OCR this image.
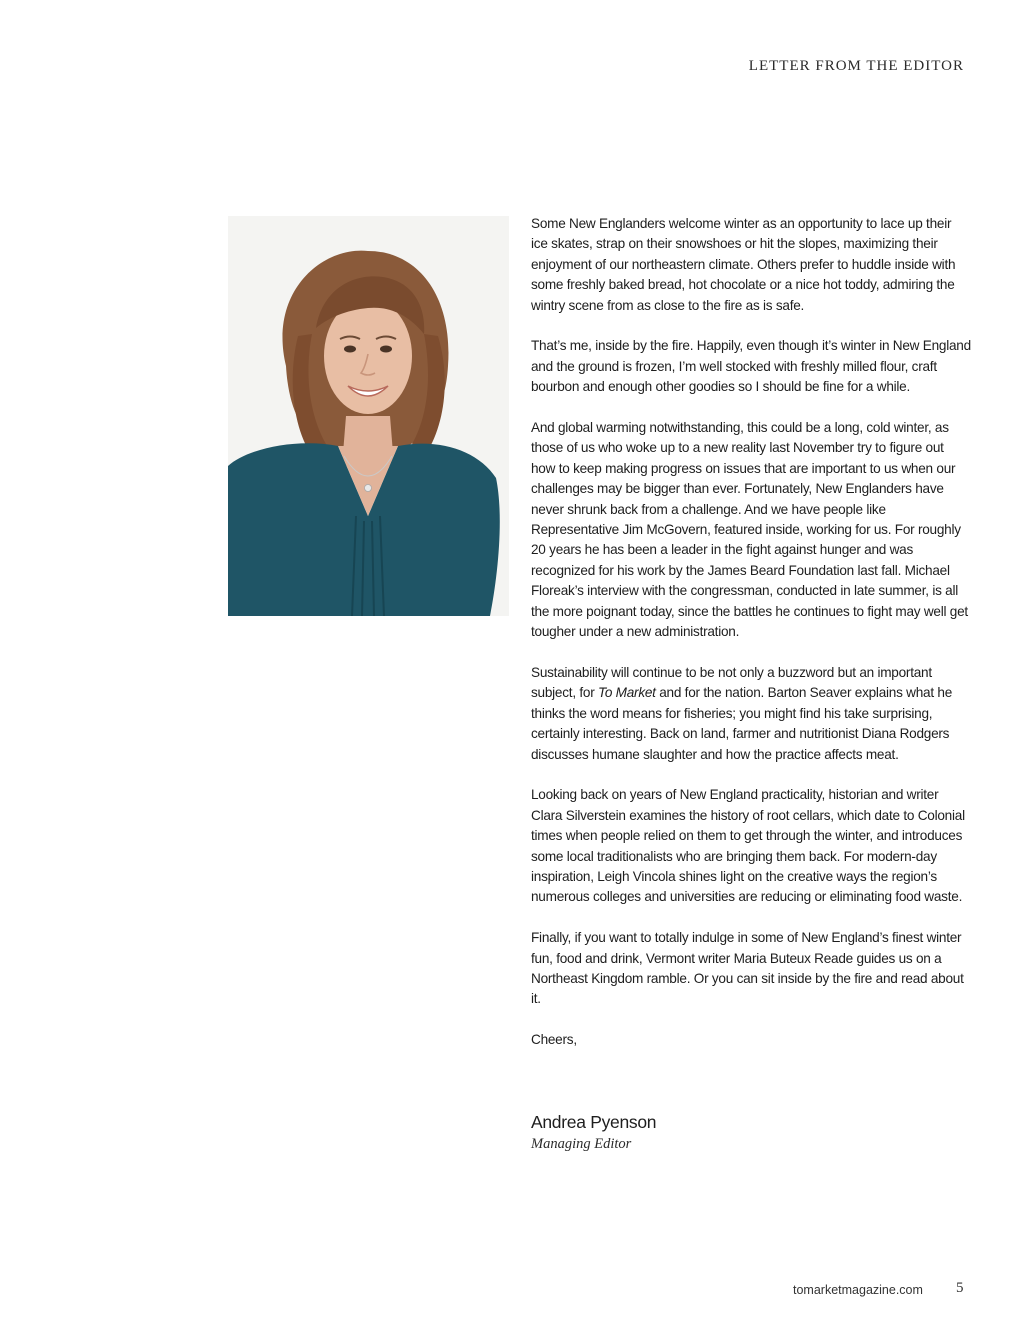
LETTER FROM THE EDITOR

Some New Englanders welcome winter as an opportunity to lace up their ice skates, strap on their snowshoes or hit the slopes, maximizing their enjoyment of our northeastern climate. Others prefer to huddle inside with some freshly baked bread, hot chocolate or a nice hot toddy, admiring the wintry scene from as close to the fire as is safe.

That’s me, inside by the fire. Happily, even though it’s winter in New England and the ground is frozen, I’m well stocked with freshly milled flour, craft bourbon and enough other goodies so I should be fine for a while.

And global warming notwithstanding, this could be a long, cold winter, as those of us who woke up to a new reality last November try to figure out how to keep making progress on issues that are important to us when our challenges may be bigger than ever. Fortunately, New Englanders have never shrunk back from a challenge. And we have people like Representative Jim McGovern, featured inside, working for us. For roughly 20 years he has been a leader in the fight against hunger and was recognized for his work by the James Beard Foundation last fall. Michael Floreak’s interview with the congressman, conducted in late summer, is all the more poignant today, since the battles he continues to fight may well get tougher under a new administration.

Sustainability will continue to be not only a buzzword but an important subject, for To Market and for the nation. Barton Seaver explains what he thinks the word means for fisheries; you might find his take surprising, certainly interesting. Back on land, farmer and nutritionist Diana Rodgers discusses humane slaughter and how the practice affects meat.

Looking back on years of New England practicality, historian and writer Clara Silverstein examines the history of root cellars, which date to Colonial times when people relied on them to get through the winter, and introduces some local traditionalists who are bringing them back. For modern-day inspiration, Leigh Vincola shines light on the creative ways the region’s numerous colleges and universities are reducing or eliminating food waste.

Finally, if you want to totally indulge in some of New England’s finest winter fun, food and drink, Vermont writer Maria Buteux Reade guides us on a Northeast Kingdom ramble. Or you can sit inside by the fire and read about it.

Cheers,

Andrea Pyenson
Managing Editor
tomarketmagazine.com 5
